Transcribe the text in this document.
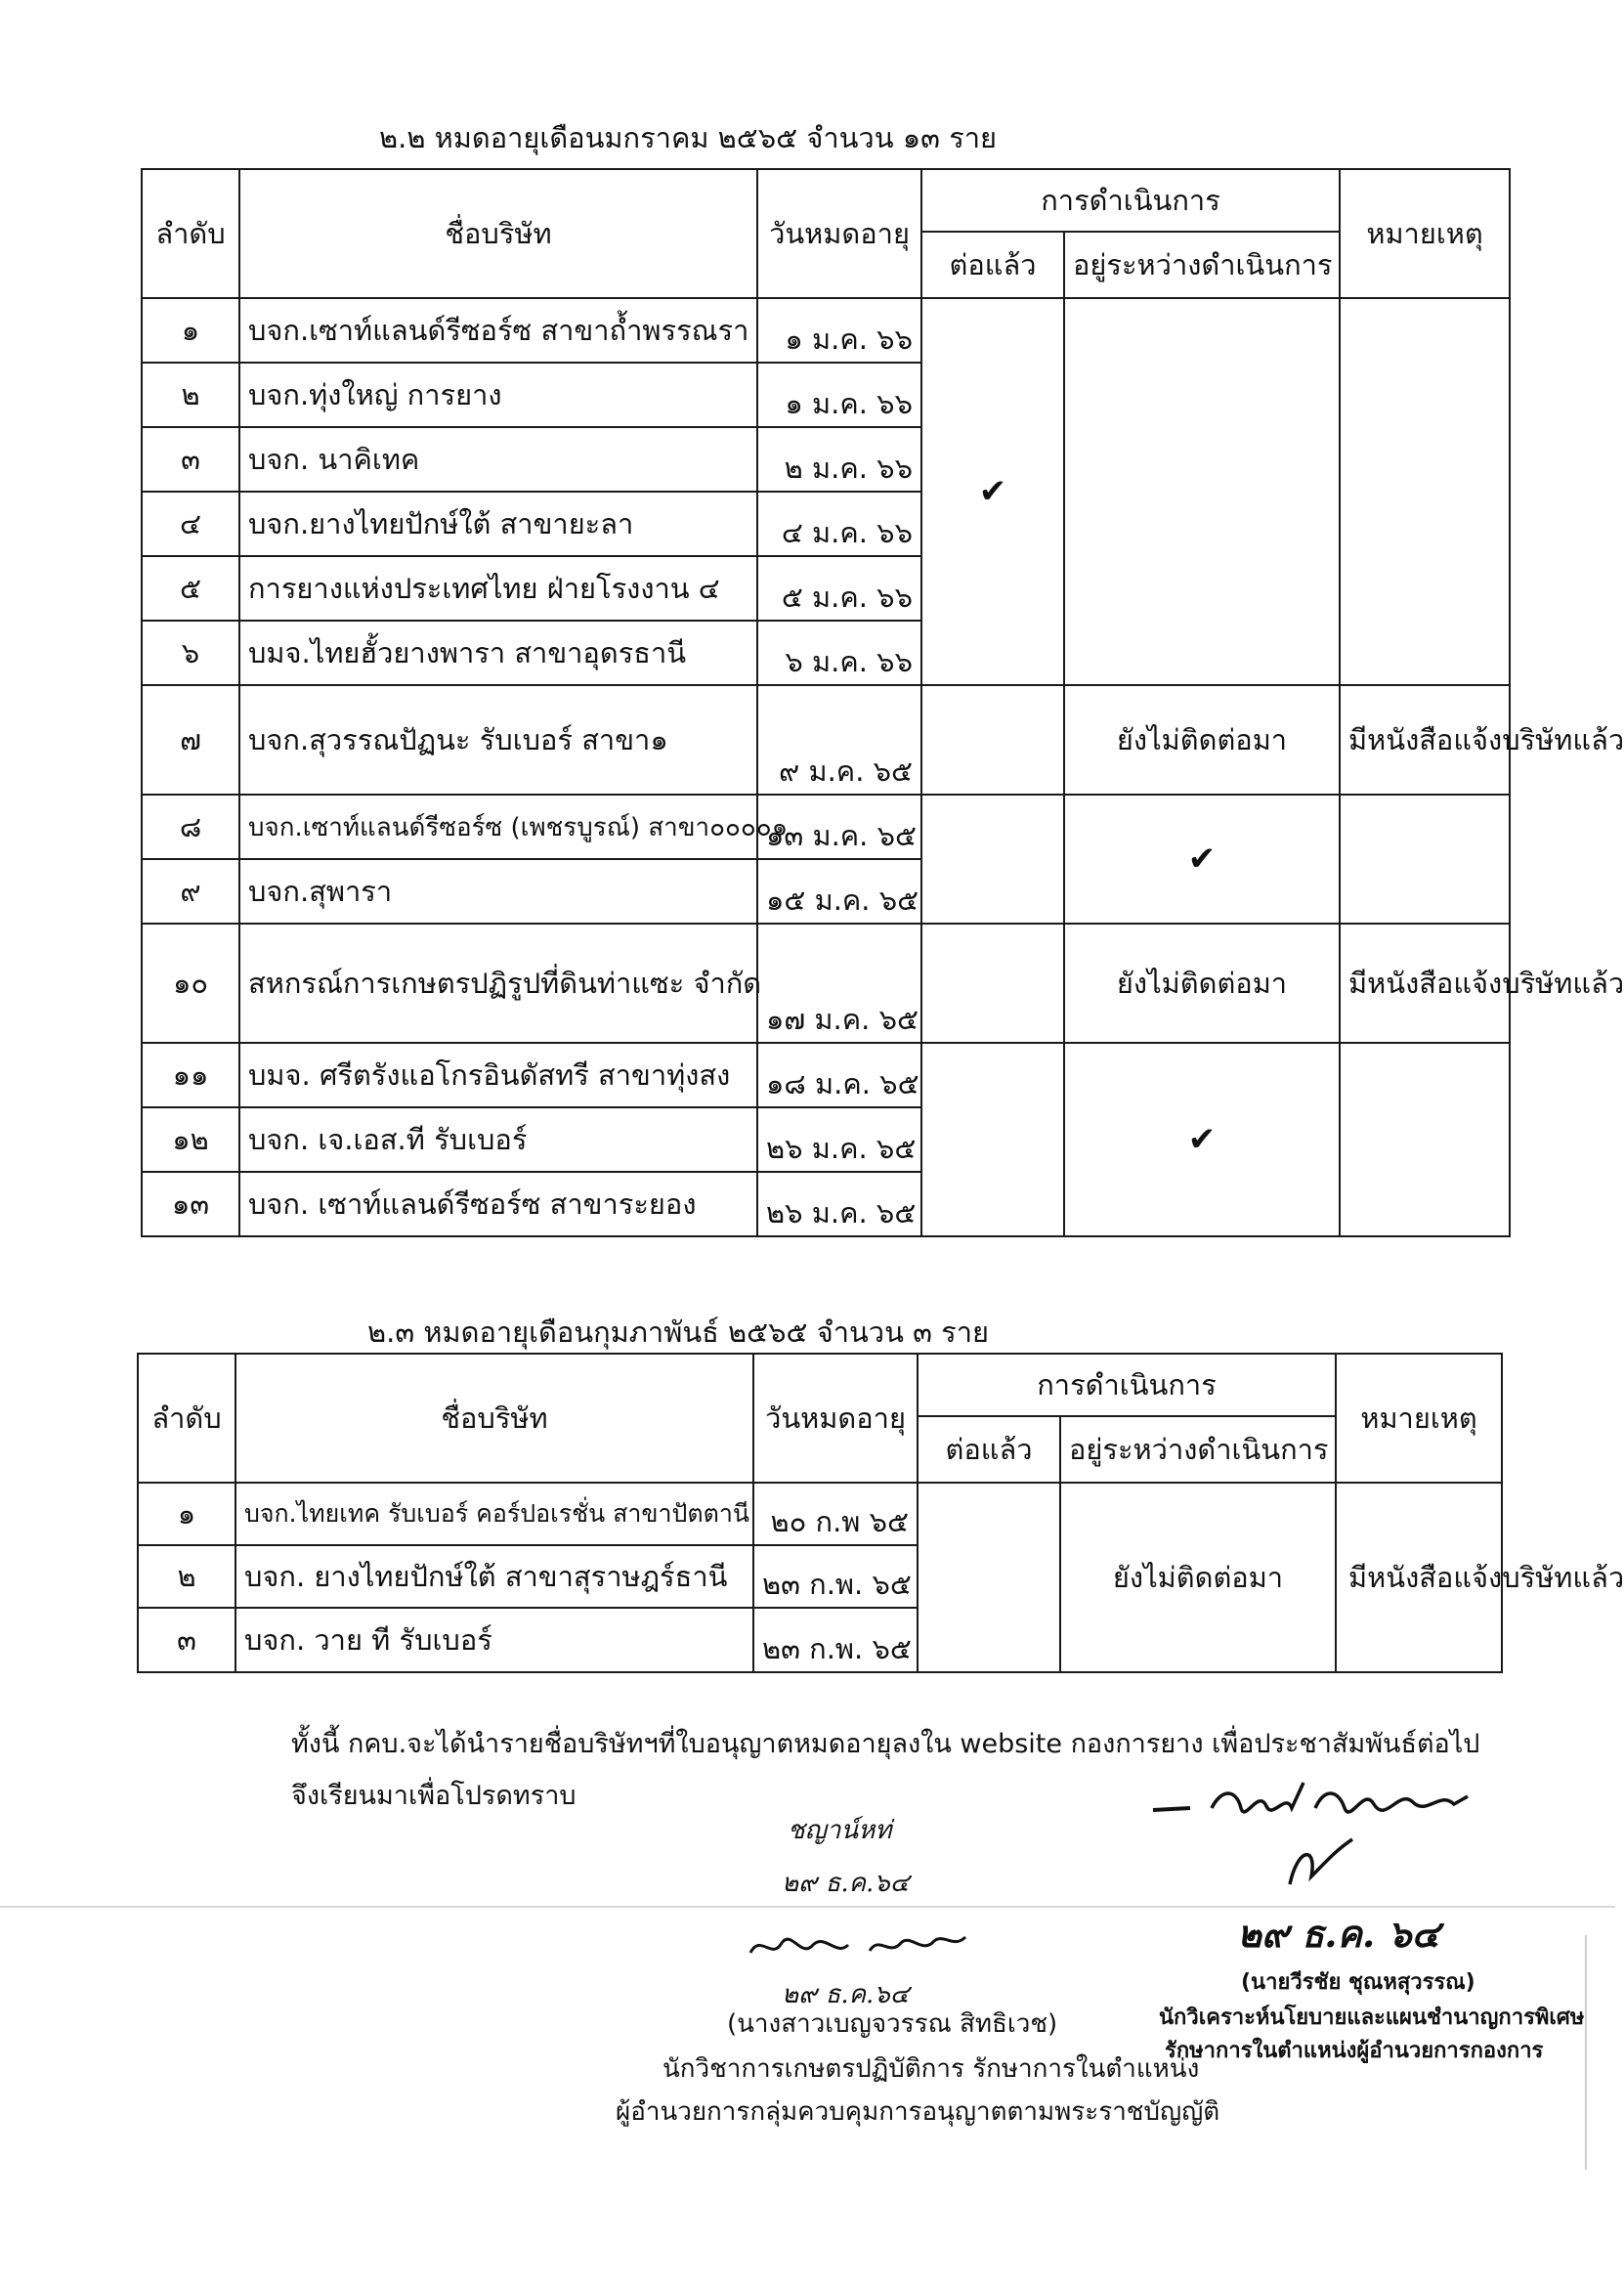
๒.๒ หมดอายุเดือนมกราคม ๒๕๖๕ จำนวน ๑๓ ราย
ลำดับ	ชื่อบริษัท	วันหมดอายุ	การดำเนินการ		หมายเหตุ
			ต่อแล้ว	อยู่ระหว่างดำเนินการ	
๑	บจก.เซาท์แลนด์รีซอร์ซ สาขาถ้ำพรรณรา	๑ ม.ค. ๖๖	✔		
๒	บจก.ทุ่งใหญ่ การยาง	๑ ม.ค. ๖๖			
๓	บจก. นาคิเทค	๒ ม.ค. ๖๖			
๔	บจก.ยางไทยปักษ์ใต้ สาขายะลา	๔ ม.ค. ๖๖			
๕	การยางแห่งประเทศไทย ฝ่ายโรงงาน ๔	๕ ม.ค. ๖๖			
๖	บมจ.ไทยฮั้วยางพารา สาขาอุดรธานี	๖ ม.ค. ๖๖			
๗	บจก.สุวรรณปัฏนะ รับเบอร์ สาขา๑	๙ ม.ค. ๖๕		ยังไม่ติดต่อมา	มีหนังสือแจ้งบริษัทแล้ว
๘	บจก.เซาท์แลนด์รีซอร์ซ (เพชรบูรณ์) สาขา๐๐๐๐๑	๑๓ ม.ค. ๖๕		✔	
๙	บจก.สุพารา	๑๕ ม.ค. ๖๕			
๑๐	สหกรณ์การเกษตรปฏิรูปที่ดินท่าแซะ จำกัด	๑๗ ม.ค. ๖๕		ยังไม่ติดต่อมา	มีหนังสือแจ้งบริษัทแล้ว
๑๑	บมจ. ศรีตรังแอโกรอินดัสทรี สาขาทุ่งสง	๑๘ ม.ค. ๖๕		✔	
๑๒	บจก. เจ.เอส.ที รับเบอร์	๒๖ ม.ค. ๖๕			
๑๓	บจก. เซาท์แลนด์รีซอร์ซ สาขาระยอง	๒๖ ม.ค. ๖๕			
๒.๓ หมดอายุเดือนกุมภาพันธ์ ๒๕๖๕ จำนวน ๓ ราย
ลำดับ	ชื่อบริษัท	วันหมดอายุ	การดำเนินการ		หมายเหตุ
			ต่อแล้ว	อยู่ระหว่างดำเนินการ	
๑	บจก.ไทยเทค รับเบอร์ คอร์ปอเรชั่น สาขาปัตตานี	๒๐ ก.พ ๖๕		ยังไม่ติดต่อมา	มีหนังสือแจ้งบริษัทแล้ว
๒	บจก. ยางไทยปักษ์ใต้ สาขาสุราษฎร์ธานี	๒๓ ก.พ. ๖๕			
๓	บจก. วาย ที รับเบอร์	๒๓ ก.พ. ๖๕			
ทั้งนี้ กคบ.จะได้นำรายชื่อบริษัทฯที่ใบอนุญาตหมดอายุลงใน website กองการยาง เพื่อประชาสัมพันธ์ต่อไป
จึงเรียนมาเพื่อโปรดทราบ
ชญาน์หท่
๒๙ ธ.ค.๖๔
๒๙ ธ.ค. ๖๔
๒๙ ธ.ค.๖๔
(นางสาวเบญจวรรณ สิทธิเวช)
นักวิชาการเกษตรปฏิบัติการ รักษาการในตำแหน่ง
ผู้อำนวยการกลุ่มควบคุมการอนุญาตตามพระราชบัญญัติ
(นายวีรชัย ชุณหสุวรรณ)
นักวิเคราะห์นโยบายและแผนชำนาญการพิเศษ
รักษาการในตำแหน่งผู้อำนวยการกองการ
